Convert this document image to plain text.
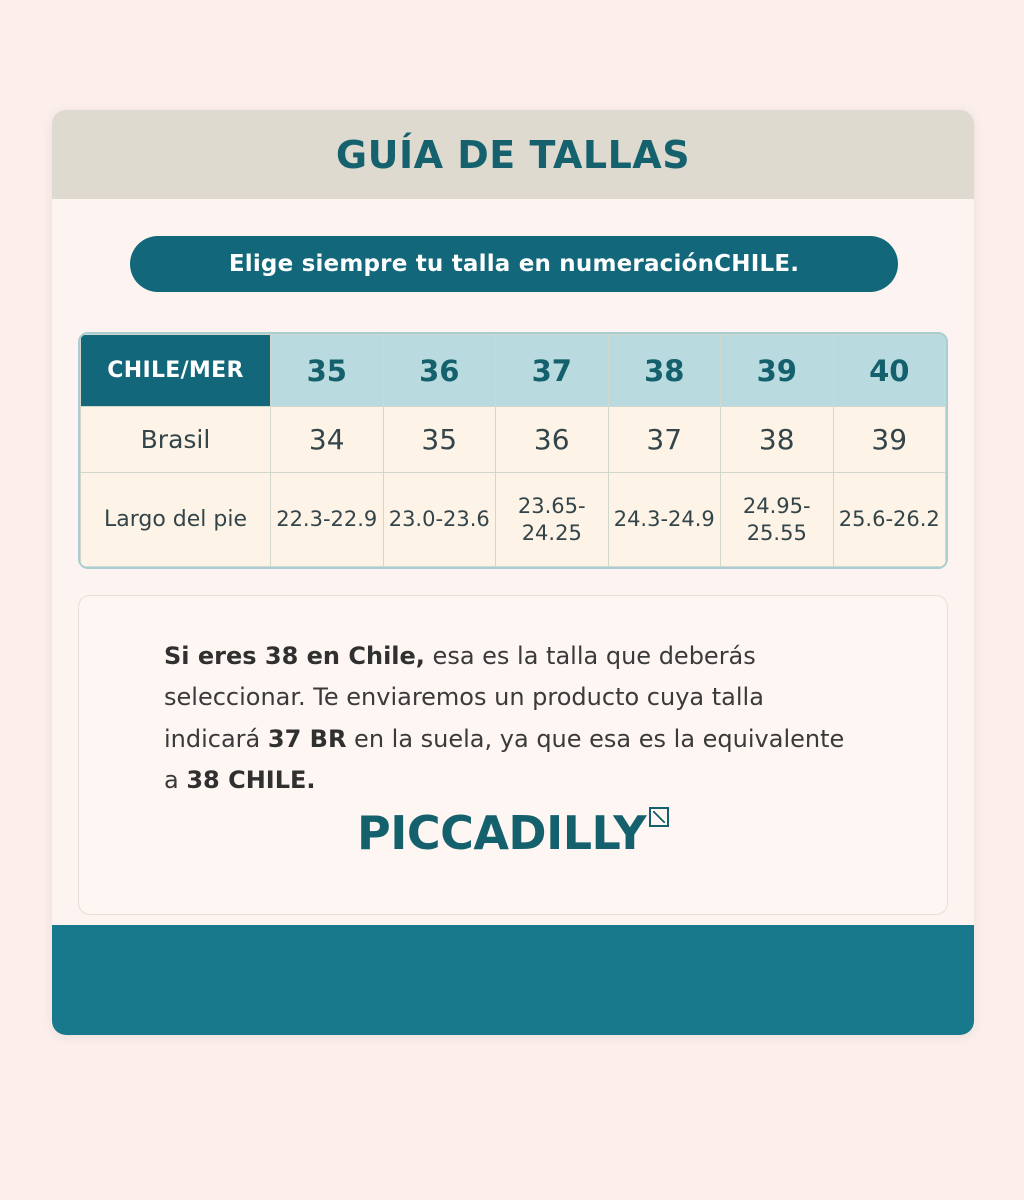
GUÍA DE TALLAS
Elige siempre tu talla en numeración CHILE.
CHILE/MER	35	36	37	38	39	40
Brasil	34	35	36	37	38	39
Largo del pie	22.3-22.9	23.0-23.6	23.65-24.25	24.3-24.9	24.95-25.55	25.6-26.2

Si eres 38 en Chile, esa es la talla que deberás seleccionar. Te enviaremos un producto cuya talla indicará 37 BR en la suela, ya que esa es la equivalente a 38 CHILE.

PICCADILLY
